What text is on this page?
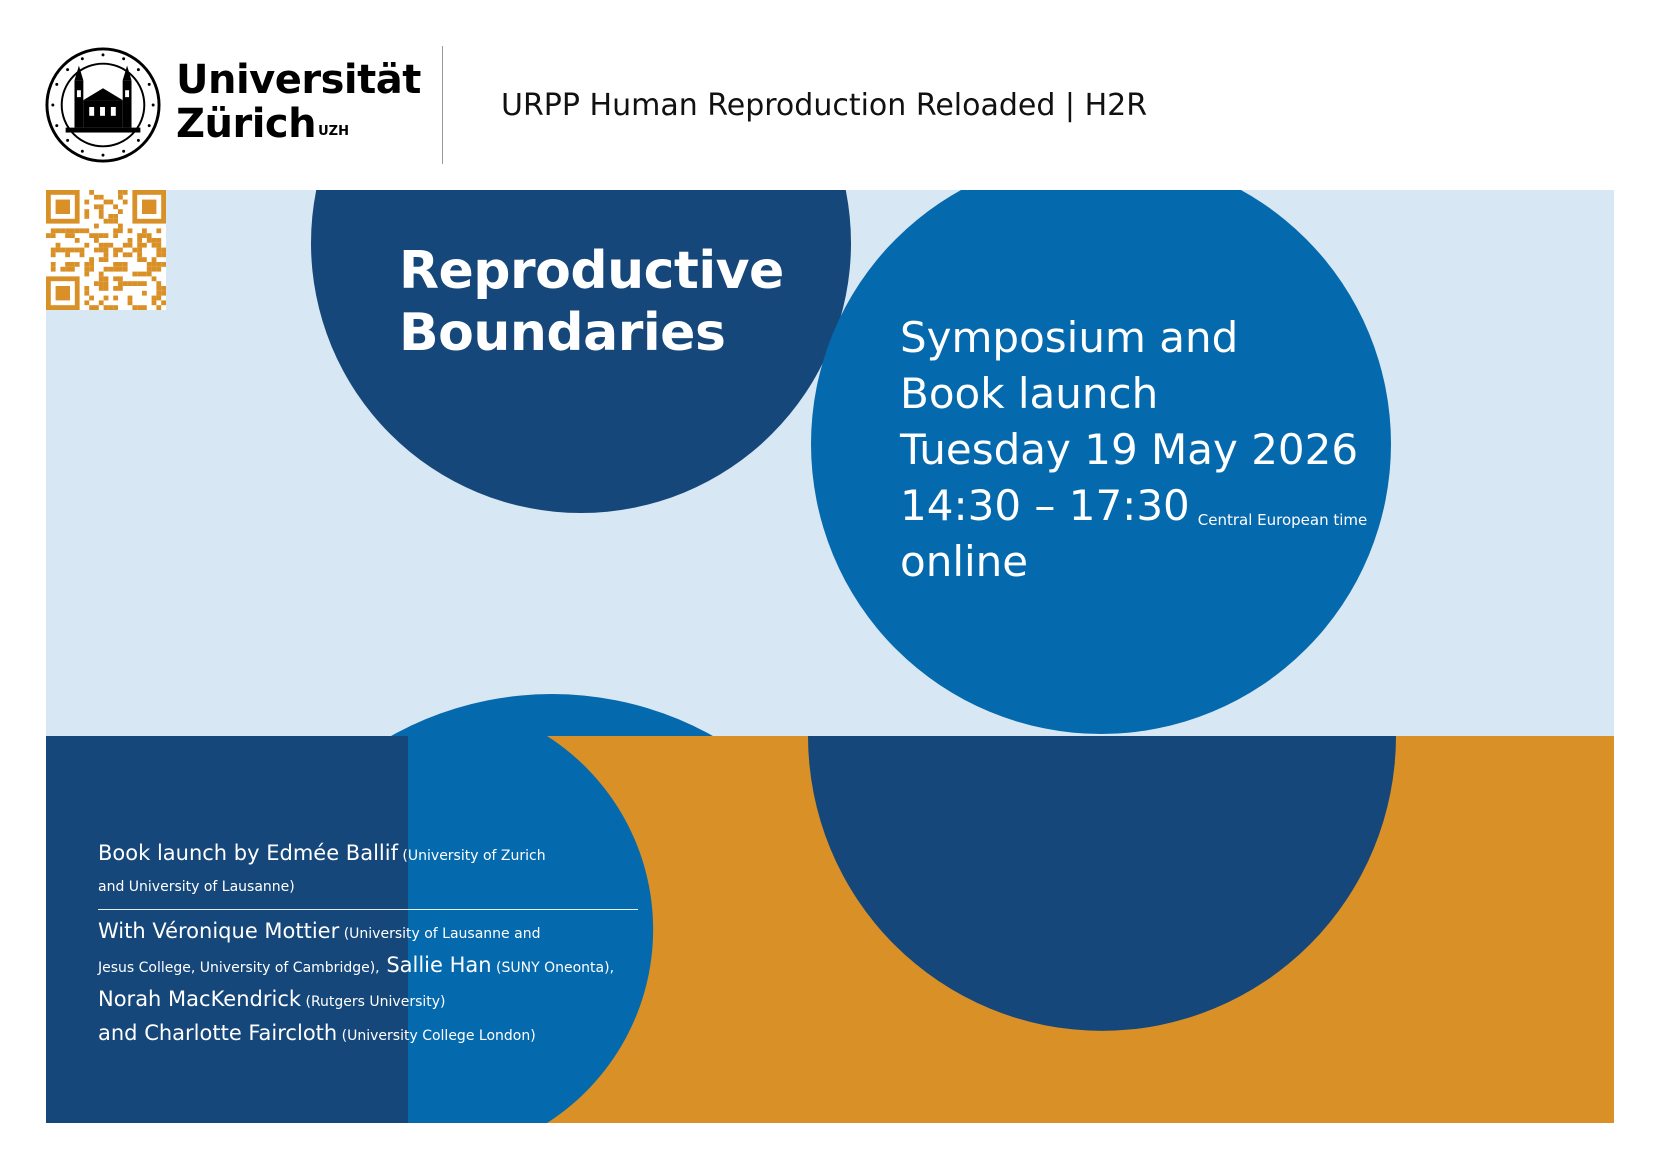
Universität
Zürich $^{UZH}$
URPP Human Reproduction Reloaded | H2R
Reproductive
Boundaries	Symposium and
Book launch
Tuesday 19 May 2026
14:30 – 17:30 $^{Central European time}$
online
Book launch by Edmée Ballif (University of Zurich
and University of Lausanne)
With Véronique Mottier (University of Lausanne and
Jesus College, University of Cambridge), Sallie Han (SUNY Oneonta),
Norah MacKendrick (Rutgers University)
and Charlotte Faircloth (University College London)
